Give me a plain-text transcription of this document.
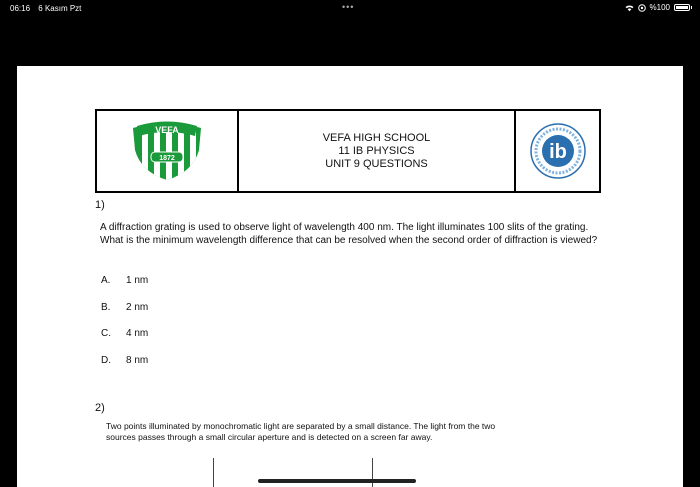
06:16 6 Kasım Pzt	•••	%100
VEFA
1872
VEFA HIGH SCHOOL
11 IB PHYSICS
UNIT 9 QUESTIONS
ib
1)
A diffraction grating is used to observe light of wavelength 400 nm. The light illuminates 100 slits of the grating. What is the minimum wavelength difference that can be resolved when the second order of diffraction is viewed?
A.	1 nm
B.	2 nm
C.	4 nm
D.	8 nm
2)
Two points illuminated by monochromatic light are separated by a small distance. The light from the two sources passes through a small circular aperture and is detected on a screen far away.
